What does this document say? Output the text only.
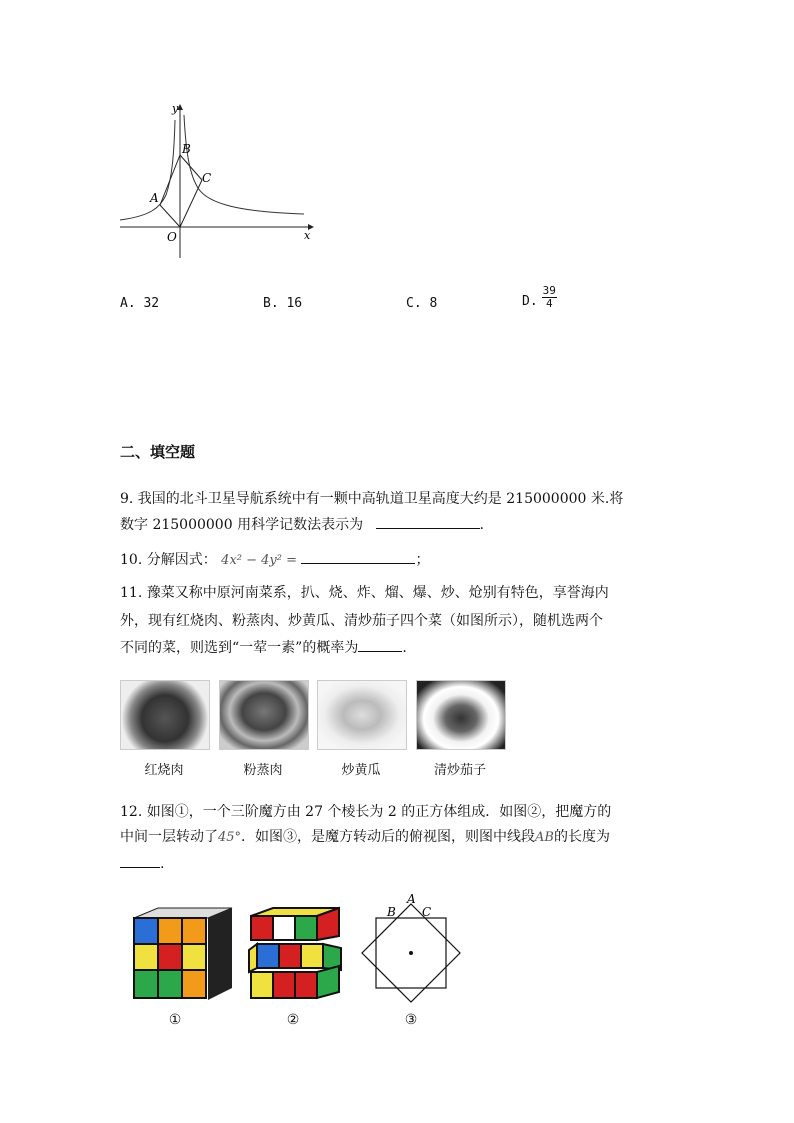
y
x
O
A
B
C
A. 32	B. 16	C. 8	D. $\frac{39}{4}$
二、填空题
9. 我国的北斗卫星导航系统中有一颗中高轨道卫星高度大约是 215000000 米.将
数字 215000000 用科学记数法表示为	.
10. 分解因式： 4x² − 4y² =	；
11. 豫菜又称中原河南菜系，扒、烧、炸、熘、爆、炒、炝别有特色，享誉海内
外，现有红烧肉、粉蒸肉、炒黄瓜、清炒茄子四个菜（如图所示），随机选两个
不同的菜，则选到“一荤一素”的概率为	.
红烧肉	粉蒸肉	炒黄瓜	清炒茄子
12. 如图①，一个三阶魔方由 27 个棱长为 2 的正方体组成．如图②，把魔方的
中间一层转动了45°．如图③，是魔方转动后的俯视图，则图中线段AB的长度为
.
A
B C
①	②	③
